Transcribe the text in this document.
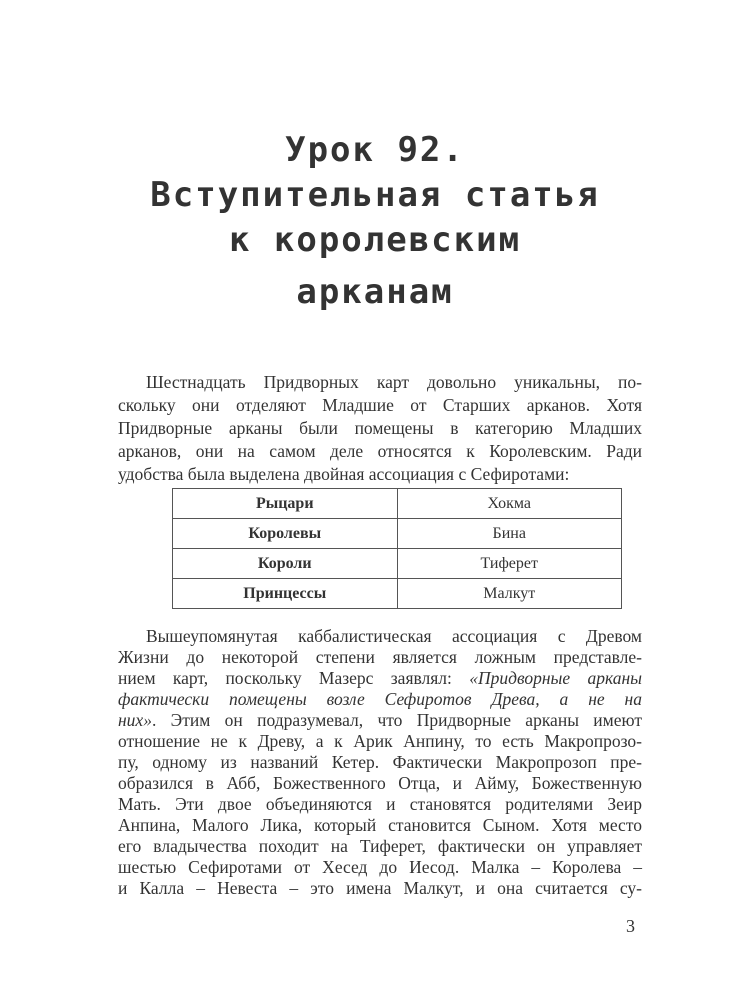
Урок 92.
Вступительная статья
к королевским
арканам
Шестнадцать Придворных карт довольно уникальны, по-
скольку они отделяют Младшие от Старших арканов. Хотя
Придворные арканы были помещены в категорию Младших
арканов, они на самом деле относятся к Королевским. Ради
удобства была выделена двойная ассоциация с Сефиротами:
Рыцари	Хокма
Королевы	Бина
Короли	Тиферет
Принцессы	Малкут
Вышеупомянутая каббалистическая ассоциация с Древом
Жизни до некоторой степени является ложным представле-
нием карт, поскольку Мазерс заявлял: «Придворные арканы
фактически помещены возле Сефиротов Древа, а не на
них». Этим он подразумевал, что Придворные арканы имеют
отношение не к Древу, а к Арик Анпину, то есть Макропрозо-
пу, одному из названий Кетер. Фактически Макропрозоп пре-
образился в Абб, Божественного Отца, и Айму, Божественную
Мать. Эти двое объединяются и становятся родителями Зеир
Анпина, Малого Лика, который становится Сыном. Хотя место
его владычества походит на Тиферет, фактически он управляет
шестью Сефиротами от Хесед до Иесод. Малка – Королева –
и Калла – Невеста – это имена Малкут, и она считается су-
3
